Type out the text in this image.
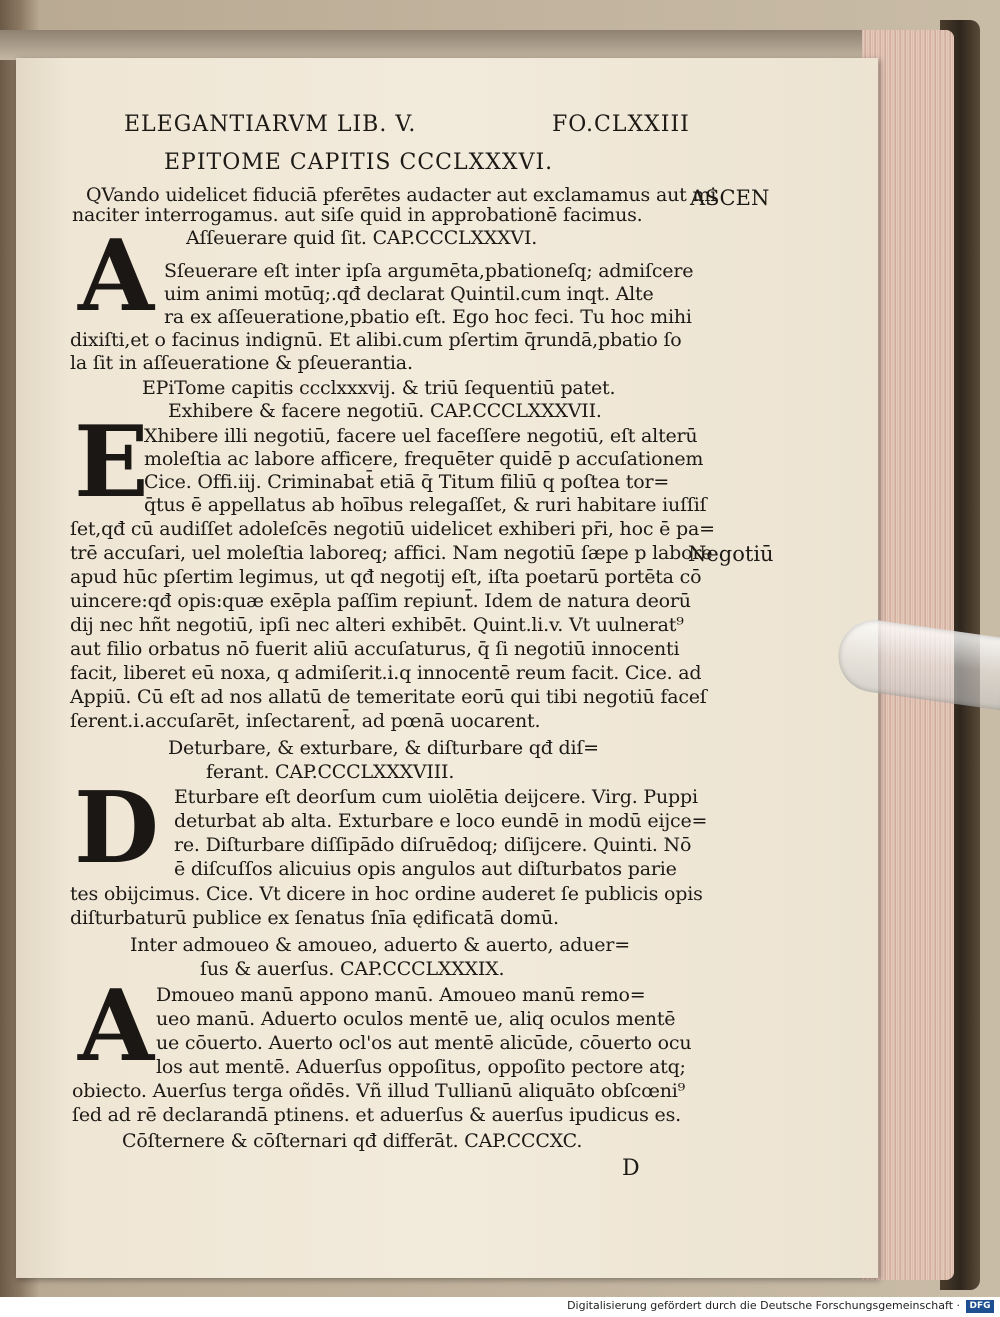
ELEGANTIARVM LIB. V.	FO.CLXXIII
A
E
D
A
EPITOME CAPITIS CCCLXXXVI.
QVando uidelicet fiduciā pferētes audacter aut exclamamus aut mi
naciter interrogamus. aut siſe quid in approbationē facimus.
Aſſeuerare quid ſit. CAP.CCCLXXXVI.
Sſeuerare eſt inter ipſa argumēta,pbationeſq; admiſcere
uim animi motūq;.qđ declarat Quintil.cum inqt. Alte
ra ex aſſeueratione,pbatio eſt. Ego hoc feci. Tu hoc mihi
dixiſti,et o facinus indignū. Et alibi.cum pſertim q̄rundā,pbatio ſo
la ſit in aſſeueratione & pſeuerantia.
EPiTome capitis ccclxxxvij. & triū ſequentiū patet.
Exhibere & facere negotiū. CAP.CCCLXXXVII.
Xhibere illi negotiū, facere uel faceſſere negotiū, eſt alterū
moleſtia ac labore afficere, frequēter quidē p accuſationem
Cice. Offi.iij. Criminabat̄ etiā q̄ Titum filiū q poſtea tor=
q̄tus ē appellatus ab hoībus relegaſſet, & ruri habitare iuſſiſ
ſet,qđ cū audiſſet adoleſcēs negotiū uidelicet exhiberi pr̄i, hoc ē pa=
trē accuſari, uel moleſtia laboreq; affici. Nam negotiū ſæpe p labore
apud hūc pſertim legimus, ut qđ negotij eſt, iſta poetarū portēta cō
uincere:qđ opis:quæ exēpla paſſim repiunt̄. Idem de natura deorū
dij nec hñt negotiū, ipſi nec alteri exhibēt. Quint.li.v. Vt uulnerat⁹
aut filio orbatus nō fuerit aliū accuſaturus, q̄ ſi negotiū innocenti
facit, liberet eū noxa, q admiſerit.i.q innocentē reum facit. Cice. ad
Appiū. Cū eſt ad nos allatū de temeritate eorū qui tibi negotiū faceſ
ſerent.i.accuſarēt, inſectarent̄, ad pœnā uocarent.
Deturbare, & exturbare, & diſturbare qđ diſ=
ferant. CAP.CCCLXXXVIII.
Eturbare eſt deorſum cum uiolētia deijcere. Virg. Puppi
deturbat ab alta. Exturbare e loco eundē in modū eijce=
re. Diſturbare diſſipādo diſruēdoq; diſijcere. Quinti. Nō
ē diſcuſſos alicuius opis angulos aut diſturbatos parie
tes obijcimus. Cice. Vt dicere in hoc ordine auderet ſe publicis opis
diſturbaturū publice ex ſenatus ſnīa ędificatā domū.
Inter admoueo & amoueo, aduerto & auerto, aduer=
ſus & auerſus. CAP.CCCLXXXIX.
Dmoueo manū appono manū. Amoueo manū remo=
ueo manū. Aduerto oculos mentē ue, aliq oculos mentē
ue cōuerto. Auerto ocl'os aut mentē alicūde, cōuerto ocu
los aut mentē. Aduerſus oppoſitus, oppoſito pectore atq;
obiecto. Auerſus terga oñdēs. Vñ illud Tullianū aliquāto obſcœni⁹
ſed ad rē declarandā ptinens. et aduerſus & auerſus ipudicus es.
Cōſternere & cōſternari qđ differāt. CAP.CCCXC.
D
ASCEN
Negotiū
Digitalisierung gefördert durch die Deutsche Forschungsgemeinschaft ·	DFG
